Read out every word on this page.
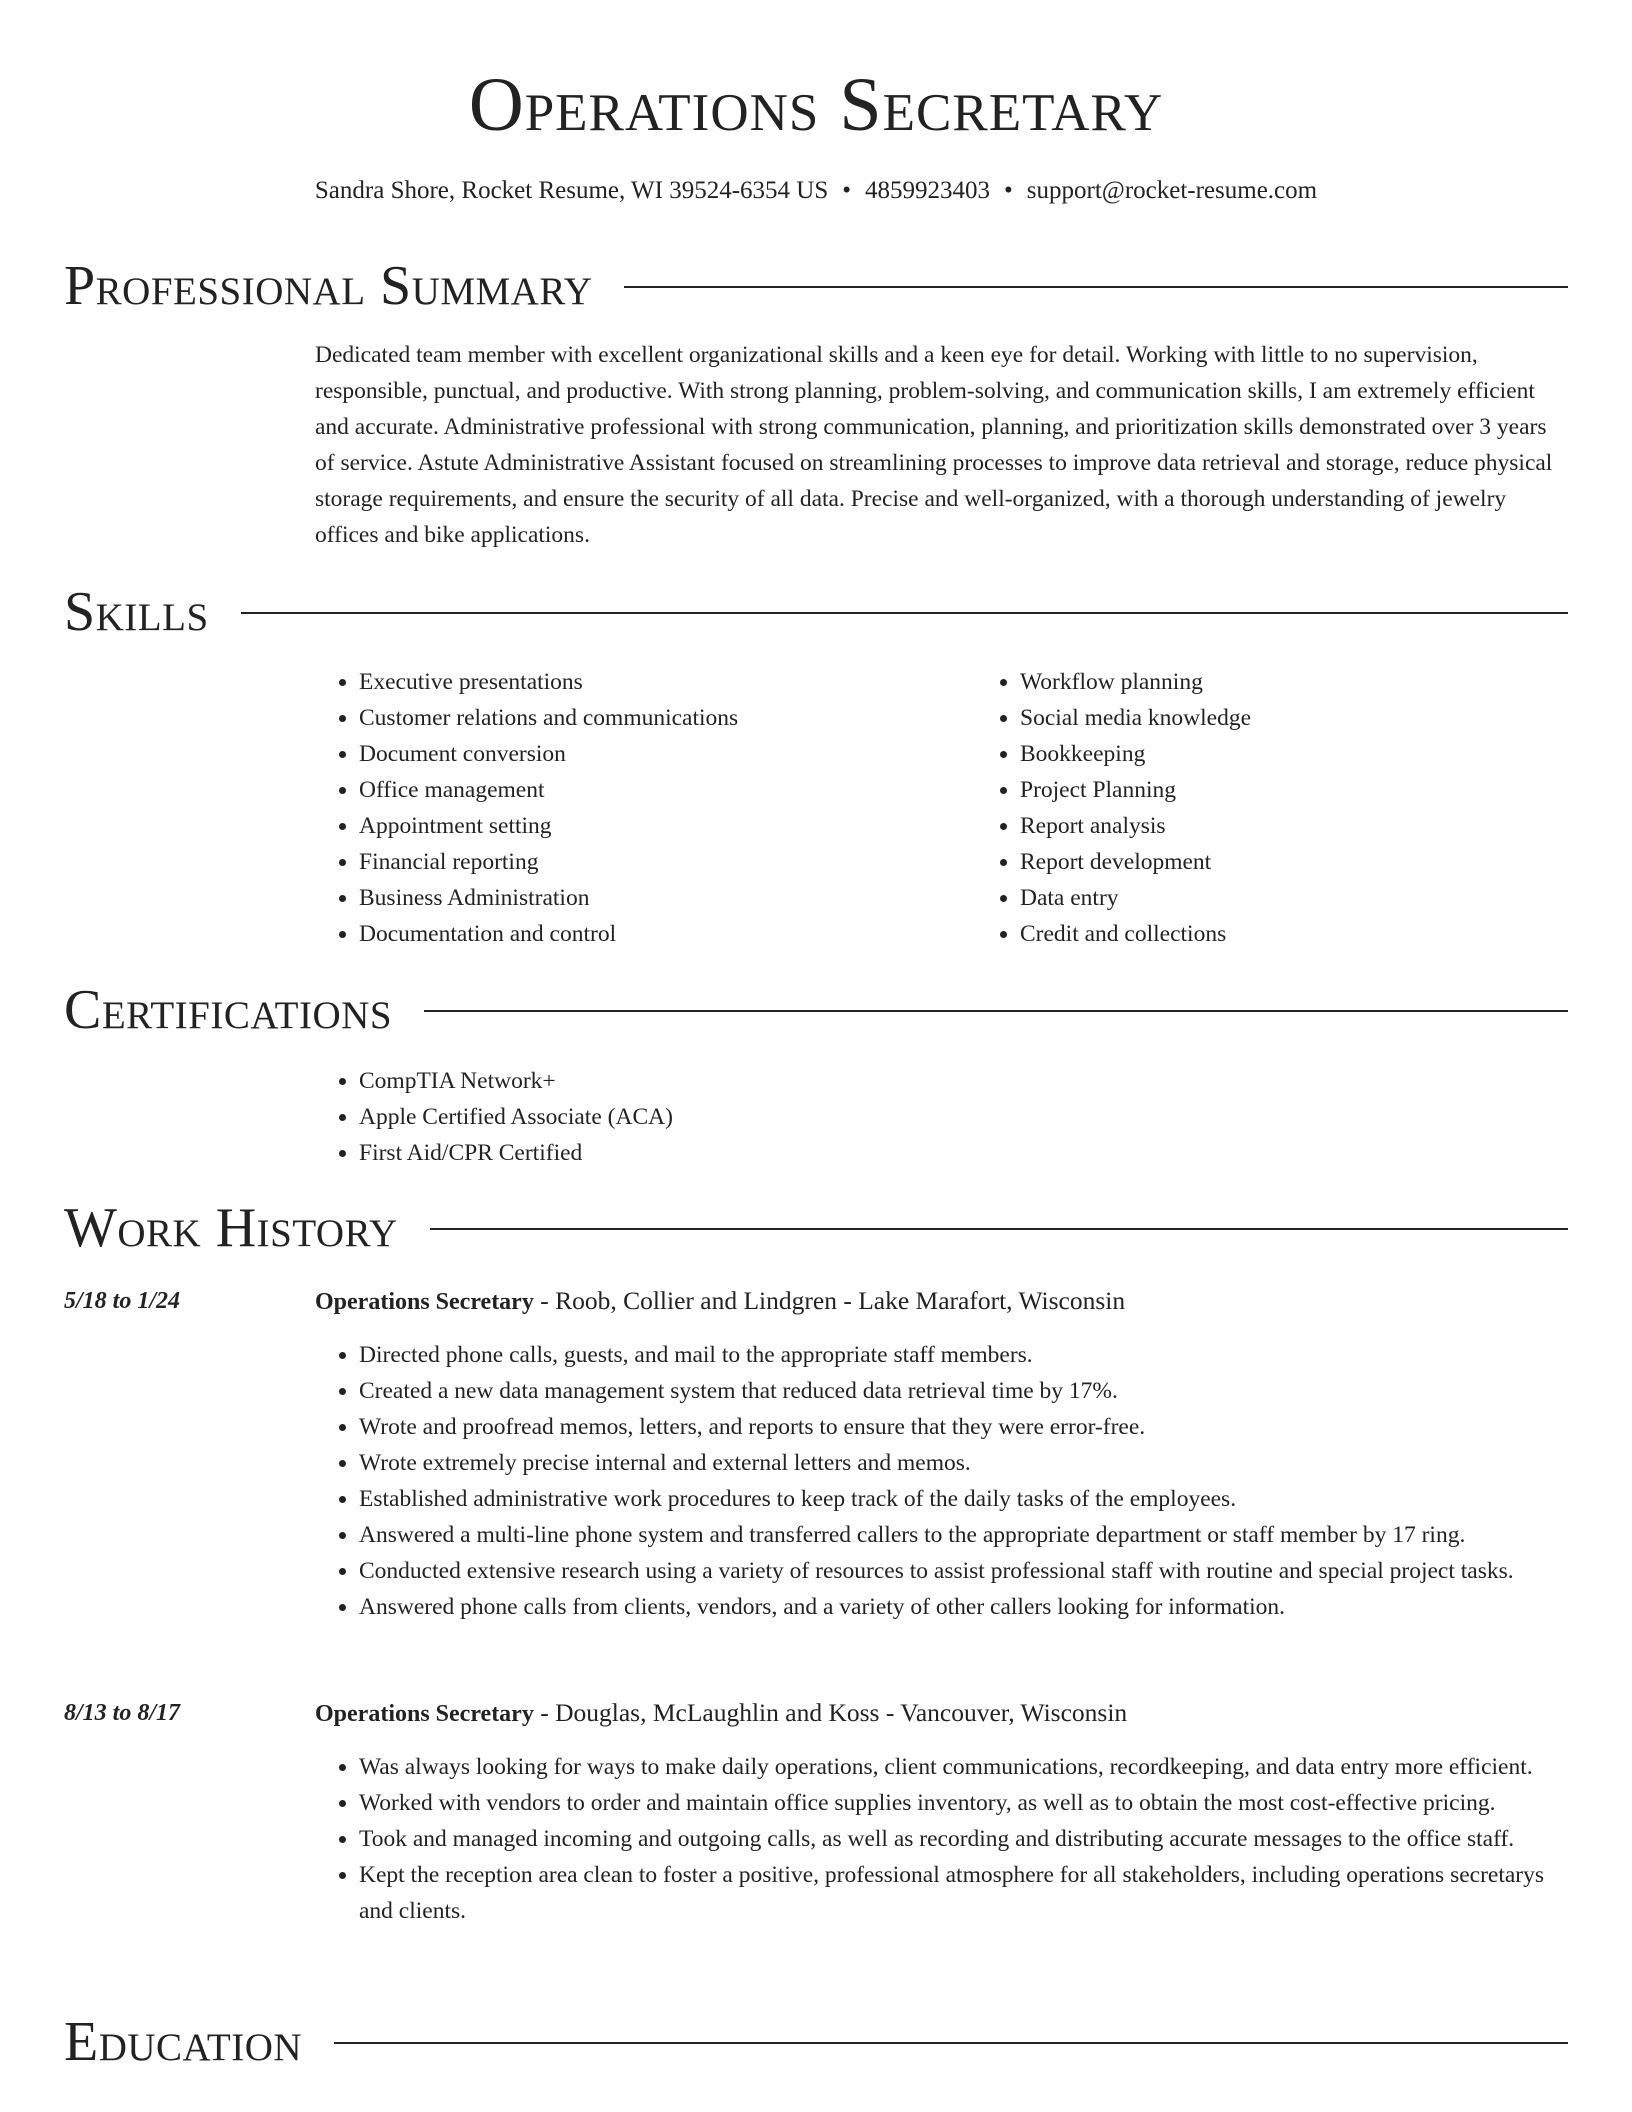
Operations Secretary
Sandra Shore, Rocket Resume, WI 39524-6354 US • 4859923403 • support@rocket-resume.com
Professional Summary

Dedicated team member with excellent organizational skills and a keen eye for detail. Working with little to no supervision, responsible, punctual, and productive. With strong planning, problem-solving, and communication skills, I am extremely efficient and accurate. Administrative professional with strong communication, planning, and prioritization skills demonstrated over 3 years of service. Astute Administrative Assistant focused on streamlining processes to improve data retrieval and storage, reduce physical storage requirements, and ensure the security of all data. Precise and well-organized, with a thorough understanding of jewelry offices and bike applications.

Skills
• Executive presentations
• Customer relations and communications
• Document conversion
• Office management
• Appointment setting
• Financial reporting
• Business Administration
• Documentation and control
• Workflow planning
• Social media knowledge
• Bookkeeping
• Project Planning
• Report analysis
• Report development
• Data entry
• Credit and collections
Certifications
• CompTIA Network+
• Apple Certified Associate (ACA)
• First Aid/CPR Certified
Work History
5/18 to 1/24	Operations Secretary - Roob, Collier and Lindgren - Lake Marafort, Wisconsin
• Directed phone calls, guests, and mail to the appropriate staff members.
• Created a new data management system that reduced data retrieval time by 17%.
• Wrote and proofread memos, letters, and reports to ensure that they were error-free.
• Wrote extremely precise internal and external letters and memos.
• Established administrative work procedures to keep track of the daily tasks of the employees.
• Answered a multi-line phone system and transferred callers to the appropriate department or staff member by 17 ring.
• Conducted extensive research using a variety of resources to assist professional staff with routine and special project tasks.
• Answered phone calls from clients, vendors, and a variety of other callers looking for information.
8/13 to 8/17	Operations Secretary - Douglas, McLaughlin and Koss - Vancouver, Wisconsin
• Was always looking for ways to make daily operations, client communications, recordkeeping, and data entry more efficient.
• Worked with vendors to order and maintain office supplies inventory, as well as to obtain the most cost-effective pricing.
• Took and managed incoming and outgoing calls, as well as recording and distributing accurate messages to the office staff.
• Kept the reception area clean to foster a positive, professional atmosphere for all stakeholders, including operations secretarys and clients.
Education
